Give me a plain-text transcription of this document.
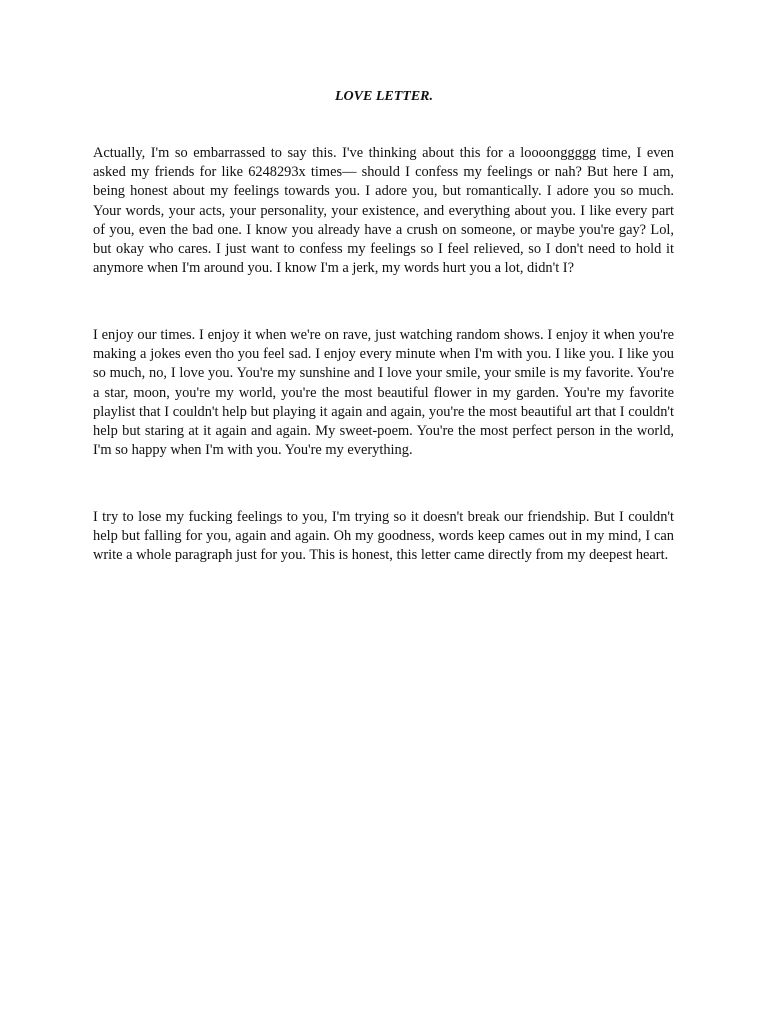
LOVE LETTER.

Actually, I'm so embarrassed to say this. I've thinking about this for a loooonggggg time, I even asked my friends for like 6248293x times— should I confess my feelings or nah? But here I am, being honest about my feelings towards you. I adore you, but romantically. I adore you so much. Your words, your acts, your personality, your existence, and everything about you. I like every part of you, even the bad one. I know you already have a crush on someone, or maybe you're gay? Lol, but okay who cares. I just want to confess my feelings so I feel relieved, so I don't need to hold it anymore when I'm around you. I know I'm a jerk, my words hurt you a lot, didn't I?

I enjoy our times. I enjoy it when we're on rave, just watching random shows. I enjoy it when you're making a jokes even tho you feel sad. I enjoy every minute when I'm with you. I like you. I like you so much, no, I love you. You're my sunshine and I love your smile, your smile is my favorite. You're a star, moon, you're my world, you're the most beautiful flower in my garden. You're my favorite playlist that I couldn't help but playing it again and again, you're the most beautiful art that I couldn't help but staring at it again and again. My sweet-poem. You're the most perfect person in the world, I'm so happy when I'm with you. You're my everything.

I try to lose my fucking feelings to you, I'm trying so it doesn't break our friendship. But I couldn't help but falling for you, again and again. Oh my goodness, words keep cames out in my mind, I can write a whole paragraph just for you. This is honest, this letter came directly from my deepest heart.
